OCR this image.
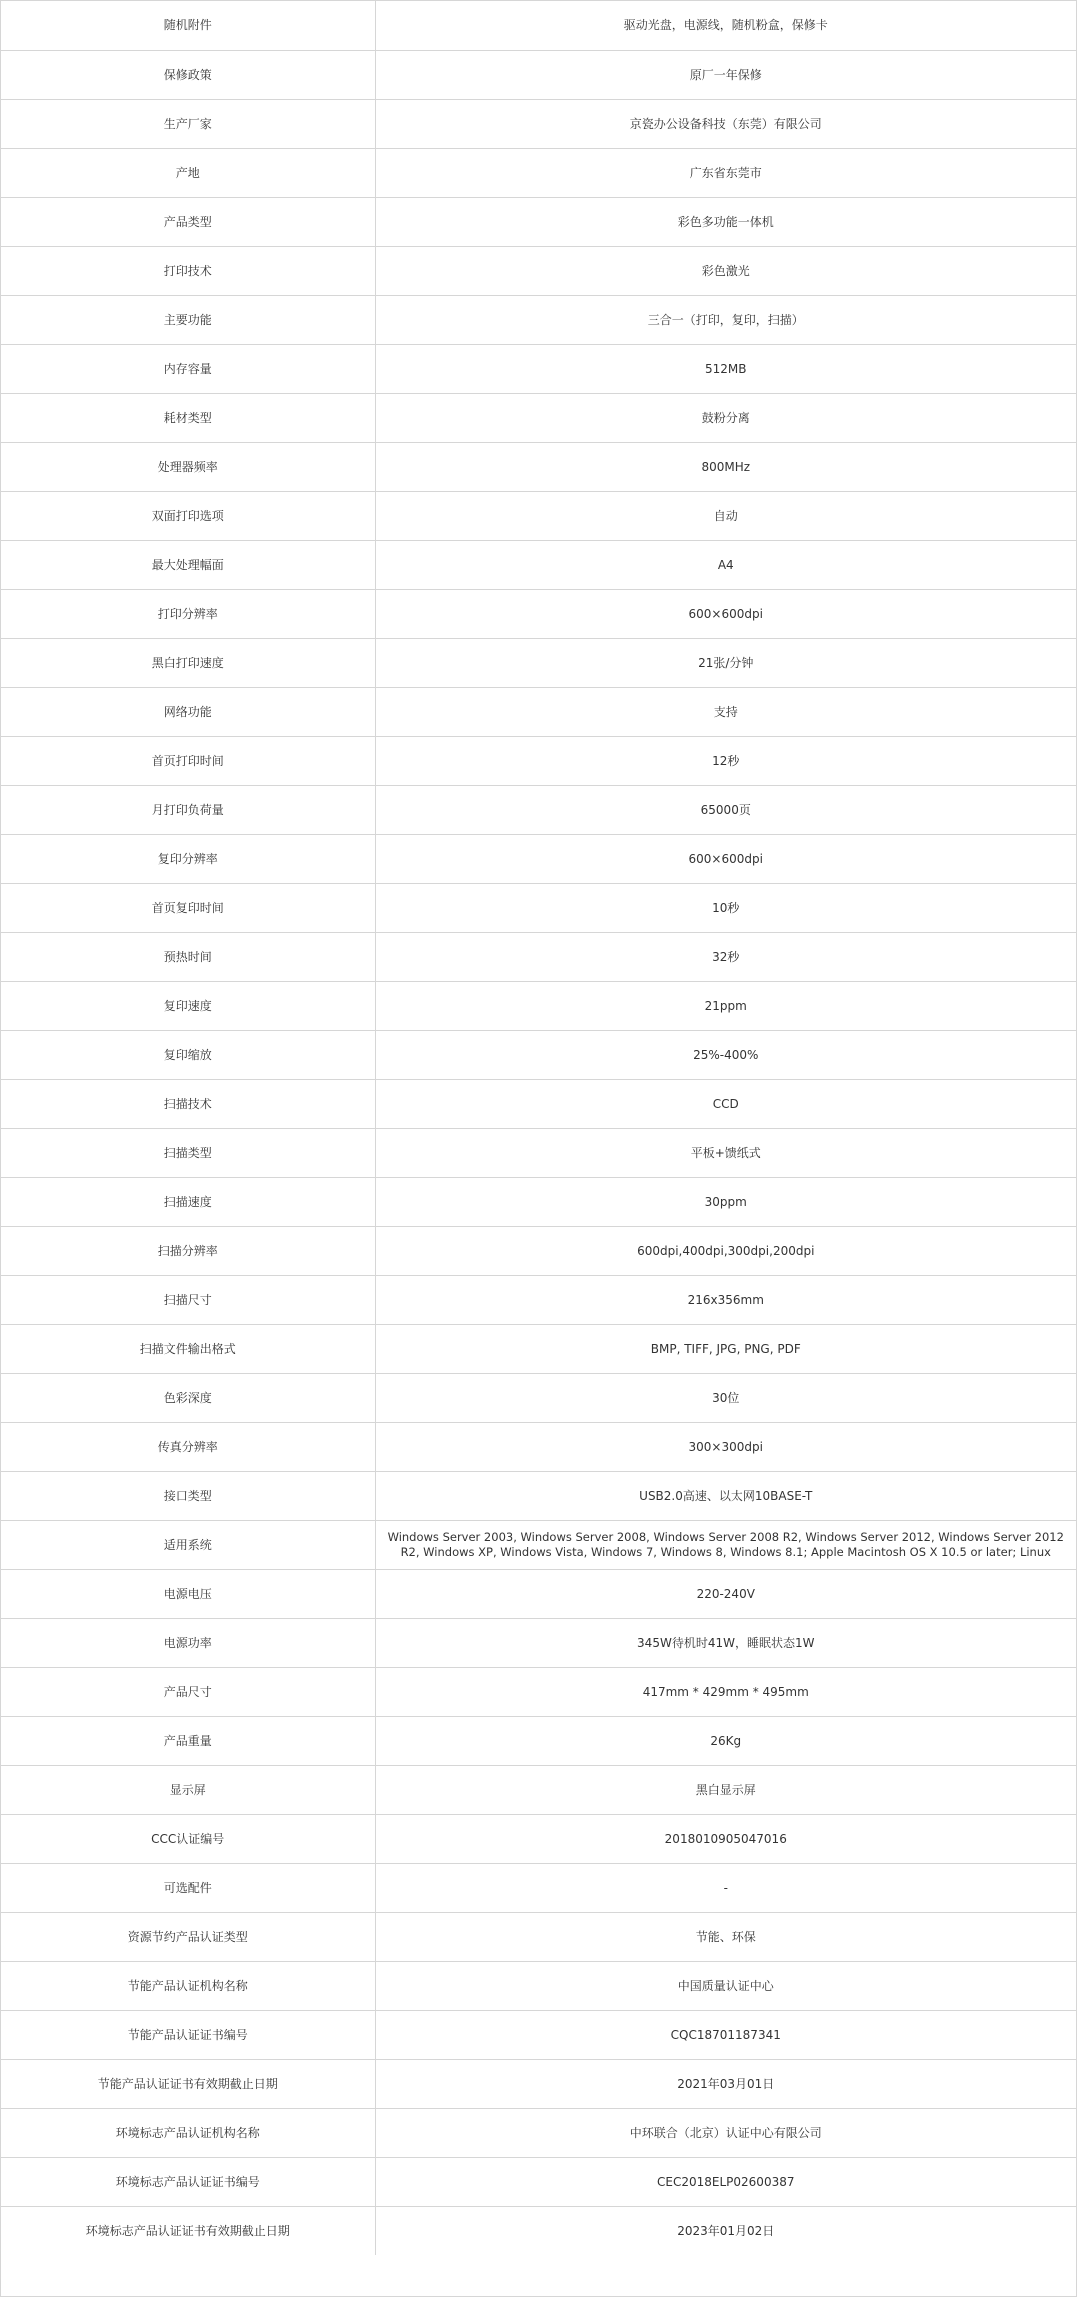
随机附件	驱动光盘，电源线，随机粉盒，保修卡
保修政策	原厂一年保修
生产厂家	京瓷办公设备科技（东莞）有限公司
产地	广东省东莞市
产品类型	彩色多功能一体机
打印技术	彩色激光
主要功能	三合一（打印，复印，扫描）
内存容量	512MB
耗材类型	鼓粉分离
处理器频率	800MHz
双面打印选项	自动
最大处理幅面	A4
打印分辨率	600×600dpi
黑白打印速度	21张/分钟
网络功能	支持
首页打印时间	12秒
月打印负荷量	65000页
复印分辨率	600×600dpi
首页复印时间	10秒
预热时间	32秒
复印速度	21ppm
复印缩放	25%-400%
扫描技术	CCD
扫描类型	平板+馈纸式
扫描速度	30ppm
扫描分辨率	600dpi,400dpi,300dpi,200dpi
扫描尺寸	216x356mm
扫描文件输出格式	BMP, TIFF, JPG, PNG, PDF
色彩深度	30位
传真分辨率	300×300dpi
接口类型	USB2.0高速、以太网10BASE-T
适用系统	Windows Server 2003, Windows Server 2008, Windows Server 2008 R2, Windows Server 2012, Windows Server 2012 R2, Windows XP, Windows Vista, Windows 7, Windows 8, Windows 8.1; Apple Macintosh OS X 10.5 or later; Linux
电源电压	220-240V
电源功率	345W待机时41W，睡眠状态1W
产品尺寸	417mm * 429mm * 495mm
产品重量	26Kg
显示屏	黑白显示屏
CCC认证编号	2018010905047016
可选配件	-
资源节约产品认证类型	节能、环保
节能产品认证机构名称	中国质量认证中心
节能产品认证证书编号	CQC18701187341
节能产品认证证书有效期截止日期	2021年03月01日
环境标志产品认证机构名称	中环联合（北京）认证中心有限公司
环境标志产品认证证书编号	CEC2018ELP02600387
环境标志产品认证证书有效期截止日期	2023年01月02日
